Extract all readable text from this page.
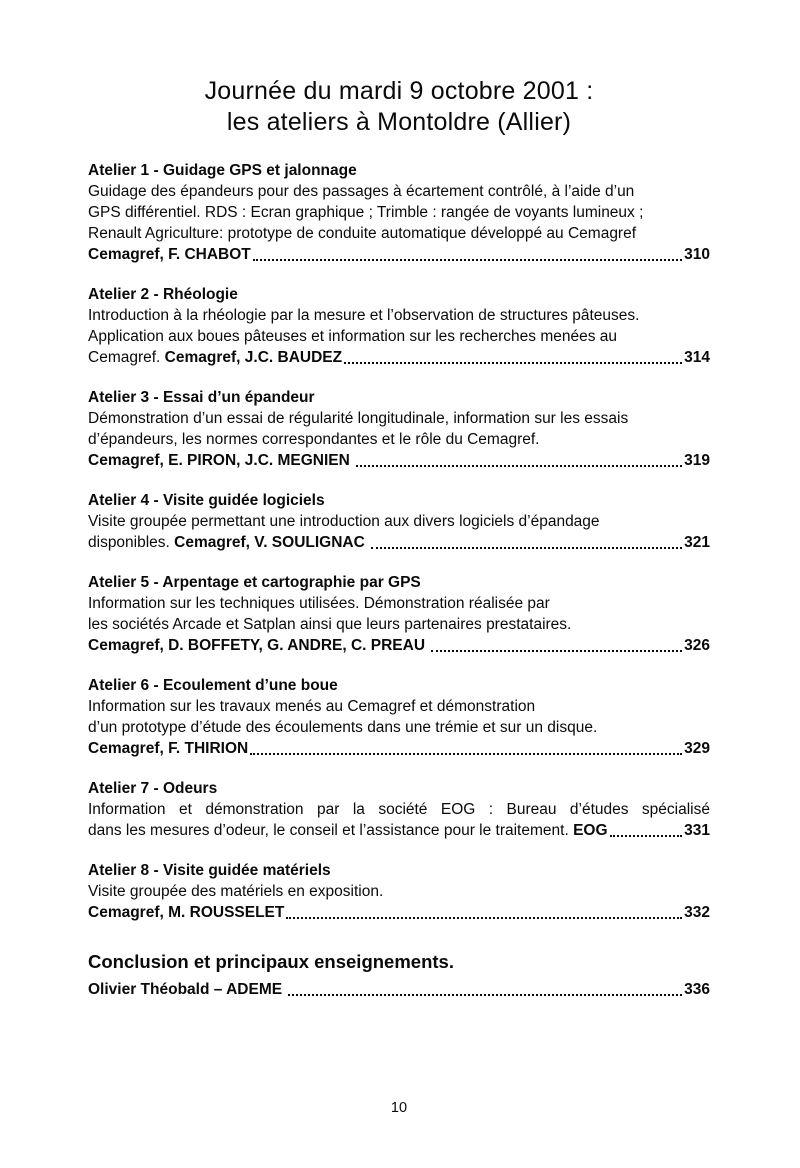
Journée du mardi 9 octobre 2001 :
les ateliers à Montoldre (Allier)
Atelier 1 - Guidage GPS et jalonnage
Guidage des épandeurs pour des passages à écartement contrôlé, à l’aide d’un
GPS différentiel. RDS : Ecran graphique ; Trimble : rangée de voyants lumineux ;
Renault Agriculture: prototype de conduite automatique développé au Cemagref
Cemagref, F. CHABOT	310
Atelier 2 - Rhéologie
Introduction à la rhéologie par la mesure et l’observation de structures pâteuses.
Application aux boues pâteuses et information sur les recherches menées au
Cemagref. Cemagref, J.C. BAUDEZ	314
Atelier 3 - Essai d’un épandeur
Démonstration d’un essai de régularité longitudinale, information sur les essais
d’épandeurs, les normes correspondantes et le rôle du Cemagref.
Cemagref, E. PIRON, J.C. MEGNIEN	319
Atelier 4 - Visite guidée logiciels
Visite groupée permettant une introduction aux divers logiciels d’épandage
disponibles. Cemagref, V. SOULIGNAC	321
Atelier 5 - Arpentage et cartographie par GPS
Information sur les techniques utilisées. Démonstration réalisée par
les sociétés Arcade et Satplan ainsi que leurs partenaires prestataires.
Cemagref, D. BOFFETY, G. ANDRE, C. PREAU	326
Atelier 6 - Ecoulement d’une boue
Information sur les travaux menés au Cemagref et démonstration
d’un prototype d’étude des écoulements dans une trémie et sur un disque.
Cemagref, F. THIRION	329
Atelier 7 - Odeurs
Information et démonstration par la société EOG : Bureau d’études spécialisé
dans les mesures d’odeur, le conseil et l’assistance pour le traitement. EOG	331
Atelier 8 - Visite guidée matériels
Visite groupée des matériels en exposition.
Cemagref, M. ROUSSELET	332
Conclusion et principaux enseignements.
Olivier Théobald – ADEME	336
10
